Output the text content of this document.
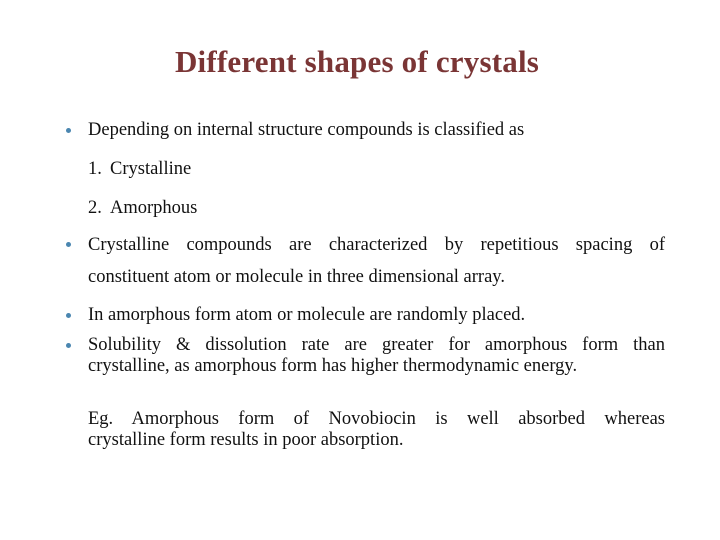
Different shapes of crystals
Depending on internal structure compounds is classified as
1. Crystalline
2. Amorphous
Crystalline compounds are characterized by repetitious spacing of
constituent atom or molecule in three dimensional array.
In amorphous form atom or molecule are randomly placed.
Solubility & dissolution rate are greater for amorphous form than
crystalline, as amorphous form has higher thermodynamic energy.
Eg. Amorphous form of Novobiocin is well absorbed whereas
crystalline form results in poor absorption.
